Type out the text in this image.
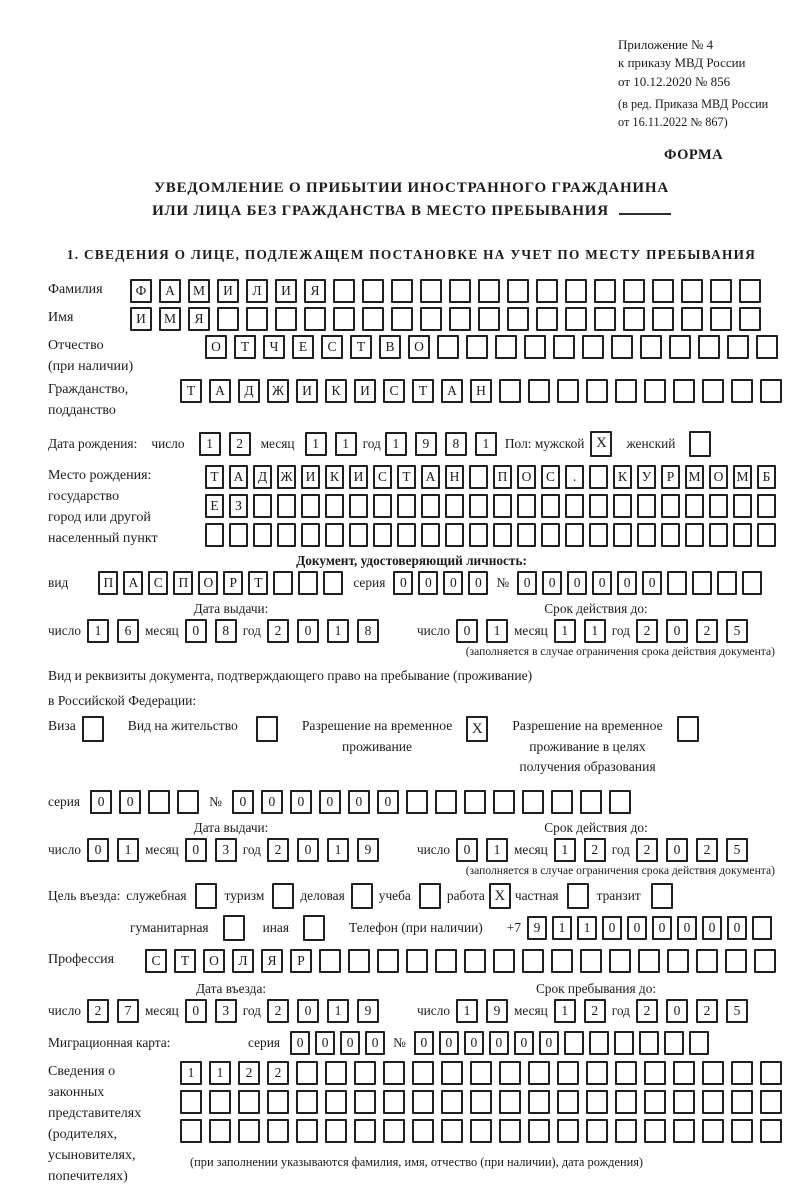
Приложение № 4
к приказу МВД России
от 10.12.2020 № 856
(в ред. Приказа МВД России
от 16.11.2022 № 867)
ФОРМА
УВЕДОМЛЕНИЕ О ПРИБЫТИИ ИНОСТРАННОГО ГРАЖДАНИНА
ИЛИ ЛИЦА БЕЗ ГРАЖДАНСТВА В МЕСТО ПРЕБЫВАНИЯ
1. СВЕДЕНИЯ О ЛИЦЕ, ПОДЛЕЖАЩЕМ ПОСТАНОВКЕ НА УЧЕТ ПО МЕСТУ ПРЕБЫВАНИЯ
Фамилия	Ф	А	М	И	Л	И	Я
Имя	И	М	Я
Отчество
(при наличии)
О	Т	Ч	Е	С	Т	В	О
Гражданство,
подданство
Т	А	Д	Ж	И	К	И	С	Т	А	Н
Дата рождения: число	1	2	месяц	1	1	год 1	9	8	1	Пол: мужской X	женский
Место рождения:
государство
город или другой
населенный пункт
Т	А	Д Ж И	К	И	С	Т	А	Н	П	О	С	.	К	У	Р	М О М	Б
Е	З
Документ, удостоверяющий личность:
вид	П	А	С	П	О	Р	Т	серия	0	0	0	0	№	0	0	0	0	0	0
Дата выдачи:
число	1	6	месяц	0	8	год	2	0	1	8
Срок действия до:
число	0	1	месяц	1	1	год	2	0	2	5
(заполняется в случае ограничения срока действия документа)
Вид и реквизиты документа, подтверждающего право на пребывание (проживание)
в Российской Федерации:
Виза	Вид на жительство	Разрешение на временное
проживание
X	Разрешение на временное
проживание в целях
получения образования
серия	0	0	№	0	0	0	0	0	0
Дата выдачи:
число	0	1	месяц	0	3	год	2	0	1	9
Срок действия до:
число	0	1	месяц	1	2	год	2	0	2	5
(заполняется в случае ограничения срока действия документа)
Цель въезда: служебная	туризм	деловая	учеба	работа X частная	транзит
гуманитарная	иная	Телефон (при наличии) +7 9	1	1	0	0	0	0	0	0
Профессия	С	Т	О	Л	Я	Р
Дата въезда:
число	2	7	месяц	0	3	год	2	0	1	9
Срок пребывания до:
число	1	9	месяц	1	2	год	2	0	2	5
Миграционная карта:	серия	0	0	0	0	№	0	0	0	0	0	0
Сведения о
законных
представителях
(родителях,
усыновителях,
попечителях)
1	1	2	2
(при заполнении указываются фамилия, имя, отчество (при наличии), дата рождения)
